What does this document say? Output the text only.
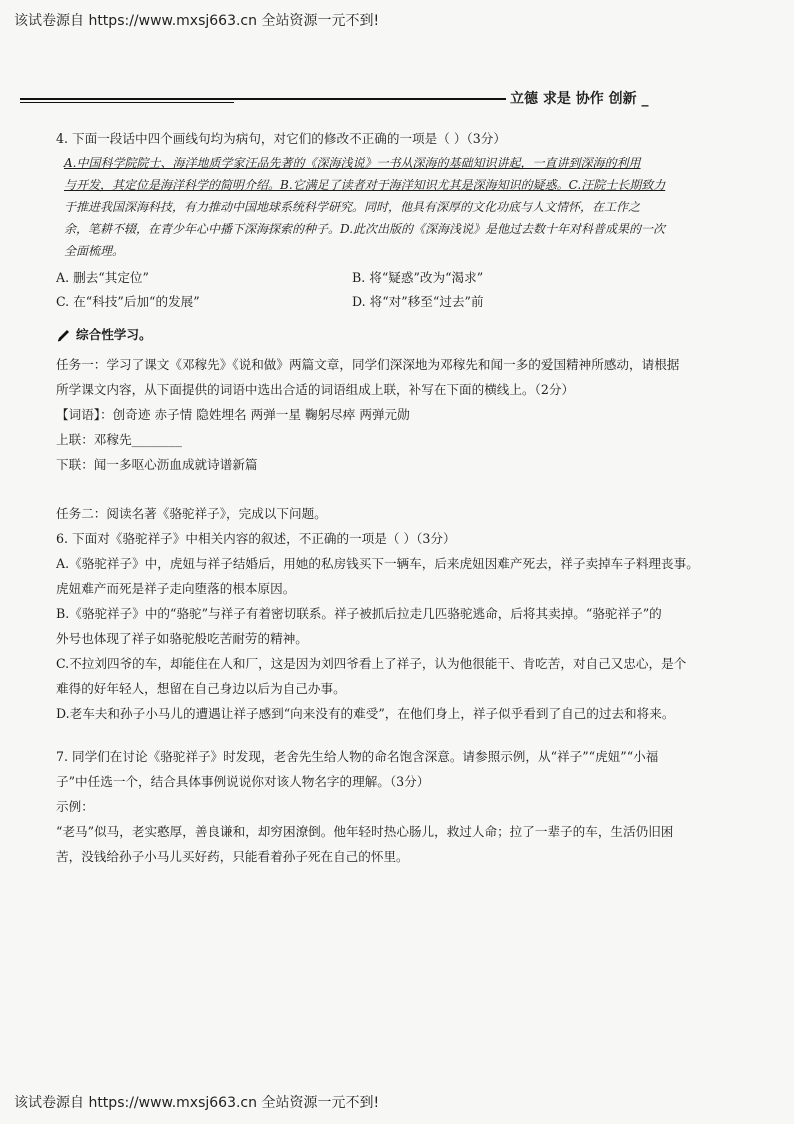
该试卷源自 https://www.mxsj663.cn 全站资源一元不到!
立德 求是 协作 创新 _

4. 下面一段话中四个画线句均为病句，对它们的修改不正确的一项是（ ）（3分）

A.中国科学院院士、海洋地质学家汪品先著的《深海浅说》一书从深海的基础知识讲起，一直讲到深海的利用

与开发，其定位是海洋科学的简明介绍。B.它满足了读者对于海洋知识尤其是深海知识的疑惑。C.汪院士长期致力

于推进我国深海科技，有力推动中国地球系统科学研究。同时，他具有深厚的文化功底与人文情怀，在工作之

余，笔耕不辍，在青少年心中播下深海探索的种子。D.此次出版的《深海浅说》是他过去数十年对科普成果的一次

全面梳理。

A. 删去“其定位”	B. 将“疑惑”改为“渴求”
C. 在“科技”后加“的发展”	D. 将“对”移至“过去”前
综合性学习。

任务一：学习了课文《邓稼先》《说和做》两篇文章，同学们深深地为邓稼先和闻一多的爱国精神所感动，请根据

所学课文内容，从下面提供的词语中选出合适的词语组成上联，补写在下面的横线上。（2分）

【词语】：创奇迹 赤子情 隐姓埋名 两弹一星 鞠躬尽瘁 两弹元勋

上联：邓稼先________

下联：闻一多呕心沥血成就诗谱新篇

任务二：阅读名著《骆驼祥子》，完成以下问题。

6. 下面对《骆驼祥子》中相关内容的叙述，不正确的一项是（ ）（3分）

A.《骆驼祥子》中，虎妞与祥子结婚后，用她的私房钱买下一辆车，后来虎妞因难产死去，祥子卖掉车子料理丧事。

虎妞难产而死是祥子走向堕落的根本原因。

B.《骆驼祥子》中的“骆驼”与祥子有着密切联系。祥子被抓后拉走几匹骆驼逃命，后将其卖掉。“骆驼祥子”的

外号也体现了祥子如骆驼般吃苦耐劳的精神。

C.不拉刘四爷的车，却能住在人和厂，这是因为刘四爷看上了祥子，认为他很能干、肯吃苦，对自己又忠心，是个

难得的好年轻人，想留在自己身边以后为自己办事。

D.老车夫和孙子小马儿的遭遇让祥子感到“向来没有的难受”，在他们身上，祥子似乎看到了自己的过去和将来。

7. 同学们在讨论《骆驼祥子》时发现，老舍先生给人物的命名饱含深意。请参照示例，从“祥子”“虎妞”“小福

子”中任选一个，结合具体事例说说你对该人物名字的理解。（3分）

示例：

“老马”似马，老实憨厚，善良谦和，却穷困潦倒。他年轻时热心肠儿，救过人命；拉了一辈子的车，生活仍旧困

苦，没钱给孙子小马儿买好药，只能看着孙子死在自己的怀里。

该试卷源自 https://www.mxsj663.cn 全站资源一元不到!
